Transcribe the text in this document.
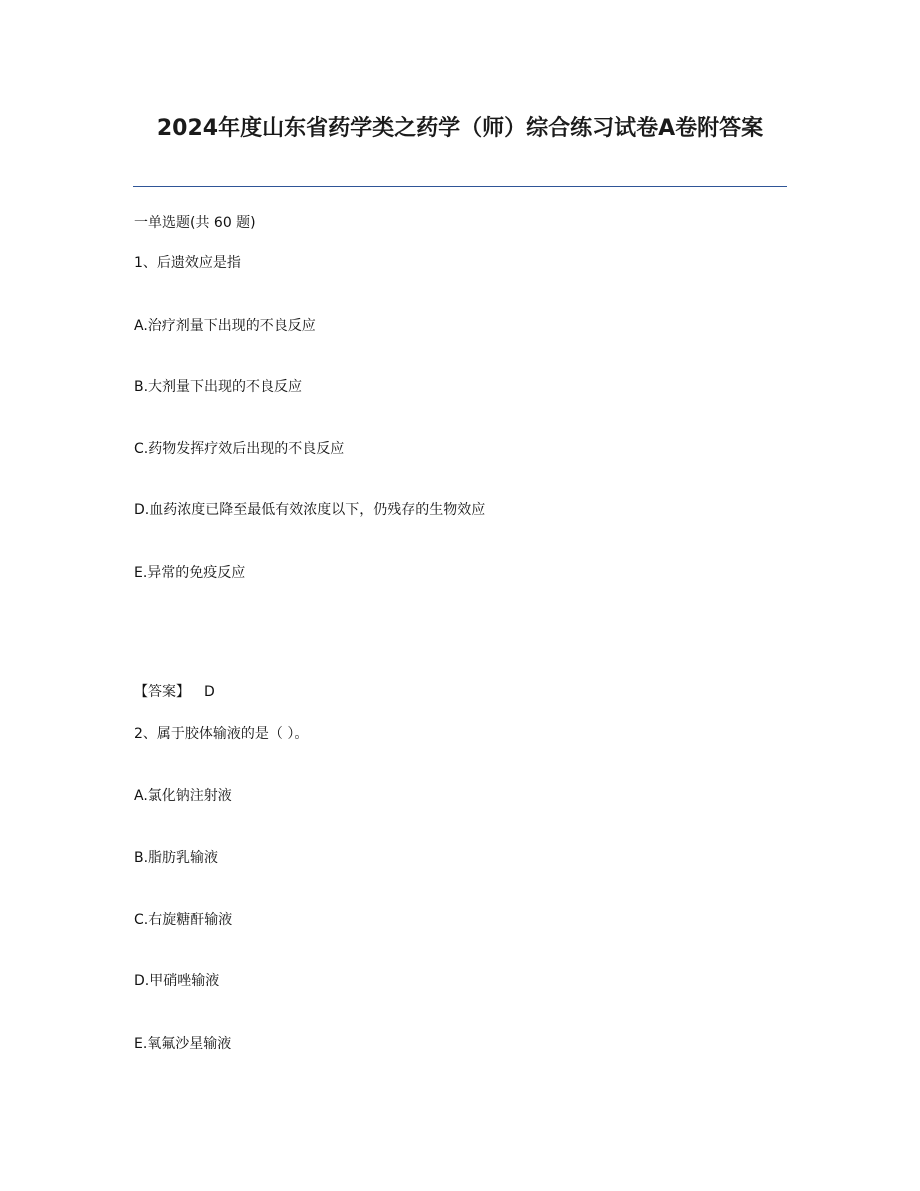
2024年度山东省药学类之药学（师）综合练习试卷A卷附答案
一单选题(共 60 题)
1、后遗效应是指
A.治疗剂量下出现的不良反应
B.大剂量下出现的不良反应
C.药物发挥疗效后出现的不良反应
D.血药浓度已降至最低有效浓度以下，仍残存的生物效应
E.异常的免疫反应
【答案】 D
2、属于胶体输液的是（ ）。
A.氯化钠注射液
B.脂肪乳输液
C.右旋糖酐输液
D.甲硝唑输液
E.氧氟沙星输液
